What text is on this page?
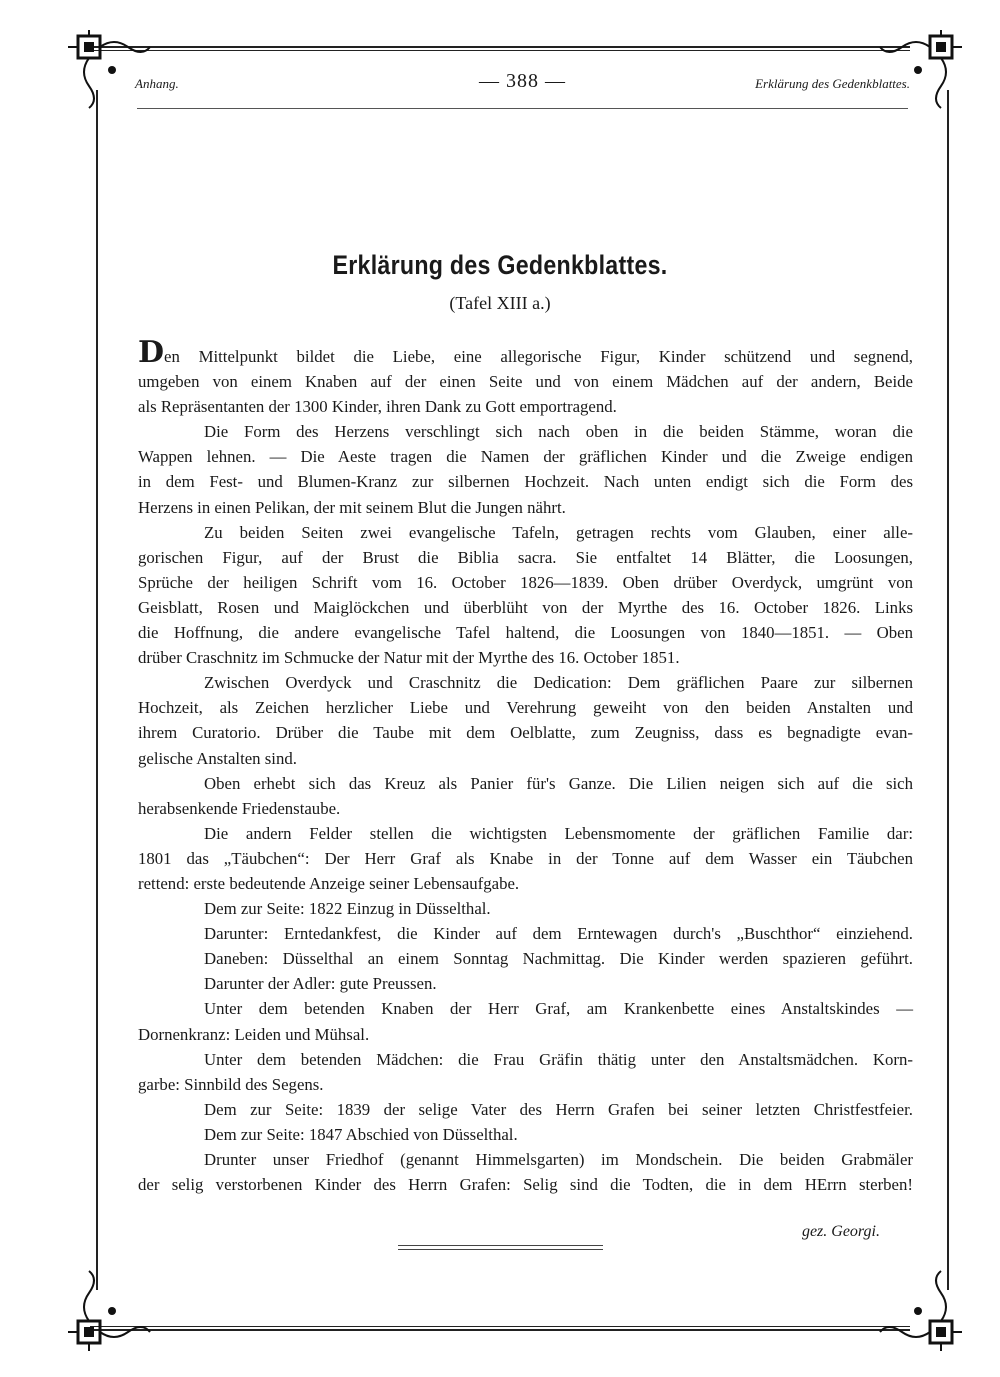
Anhang.	— 388 —	Erklärung des Gedenkblattes.
Erklärung des Gedenkblattes.
(Tafel XIII a.)

Den Mittelpunkt bildet die Liebe, eine allegorische Figur, Kinder schützend und segnend,

umgeben von einem Knaben auf der einen Seite und von einem Mädchen auf der andern, Beide

als Repräsentanten der 1300 Kinder, ihren Dank zu Gott emportragend.

Die Form des Herzens verschlingt sich nach oben in die beiden Stämme, woran die

Wappen lehnen. — Die Aeste tragen die Namen der gräflichen Kinder und die Zweige endigen

in dem Fest- und Blumen-Kranz zur silbernen Hochzeit. Nach unten endigt sich die Form des

Herzens in einen Pelikan, der mit seinem Blut die Jungen nährt.

Zu beiden Seiten zwei evangelische Tafeln, getragen rechts vom Glauben, einer alle-

gorischen Figur, auf der Brust die Biblia sacra. Sie entfaltet 14 Blätter, die Loosungen,

Sprüche der heiligen Schrift vom 16. October 1826—1839. Oben drüber Overdyck, umgrünt von

Geisblatt, Rosen und Maiglöckchen und überblüht von der Myrthe des 16. October 1826. Links

die Hoffnung, die andere evangelische Tafel haltend, die Loosungen von 1840—1851. — Oben

drüber Craschnitz im Schmucke der Natur mit der Myrthe des 16. October 1851.

Zwischen Overdyck und Craschnitz die Dedication: Dem gräflichen Paare zur silbernen

Hochzeit, als Zeichen herzlicher Liebe und Verehrung geweiht von den beiden Anstalten und

ihrem Curatorio. Drüber die Taube mit dem Oelblatte, zum Zeugniss, dass es begnadigte evan-

gelische Anstalten sind.

Oben erhebt sich das Kreuz als Panier für's Ganze. Die Lilien neigen sich auf die sich

herabsenkende Friedenstaube.

Die andern Felder stellen die wichtigsten Lebensmomente der gräflichen Familie dar:

1801 das „Täubchen“: Der Herr Graf als Knabe in der Tonne auf dem Wasser ein Täubchen

rettend: erste bedeutende Anzeige seiner Lebensaufgabe.

Dem zur Seite: 1822 Einzug in Düsselthal.

Darunter: Erntedankfest, die Kinder auf dem Erntewagen durch's „Buschthor“ einziehend.

Daneben: Düsselthal an einem Sonntag Nachmittag. Die Kinder werden spazieren geführt.

Darunter der Adler: gute Preussen.

Unter dem betenden Knaben der Herr Graf, am Krankenbette eines Anstaltskindes —

Dornenkranz: Leiden und Mühsal.

Unter dem betenden Mädchen: die Frau Gräfin thätig unter den Anstaltsmädchen. Korn-

garbe: Sinnbild des Segens.

Dem zur Seite: 1839 der selige Vater des Herrn Grafen bei seiner letzten Christfestfeier.

Dem zur Seite: 1847 Abschied von Düsselthal.

Drunter unser Friedhof (genannt Himmelsgarten) im Mondschein. Die beiden Grabmäler

der selig verstorbenen Kinder des Herrn Grafen: Selig sind die Todten, die in dem HErrn sterben!

gez. Georgi.
